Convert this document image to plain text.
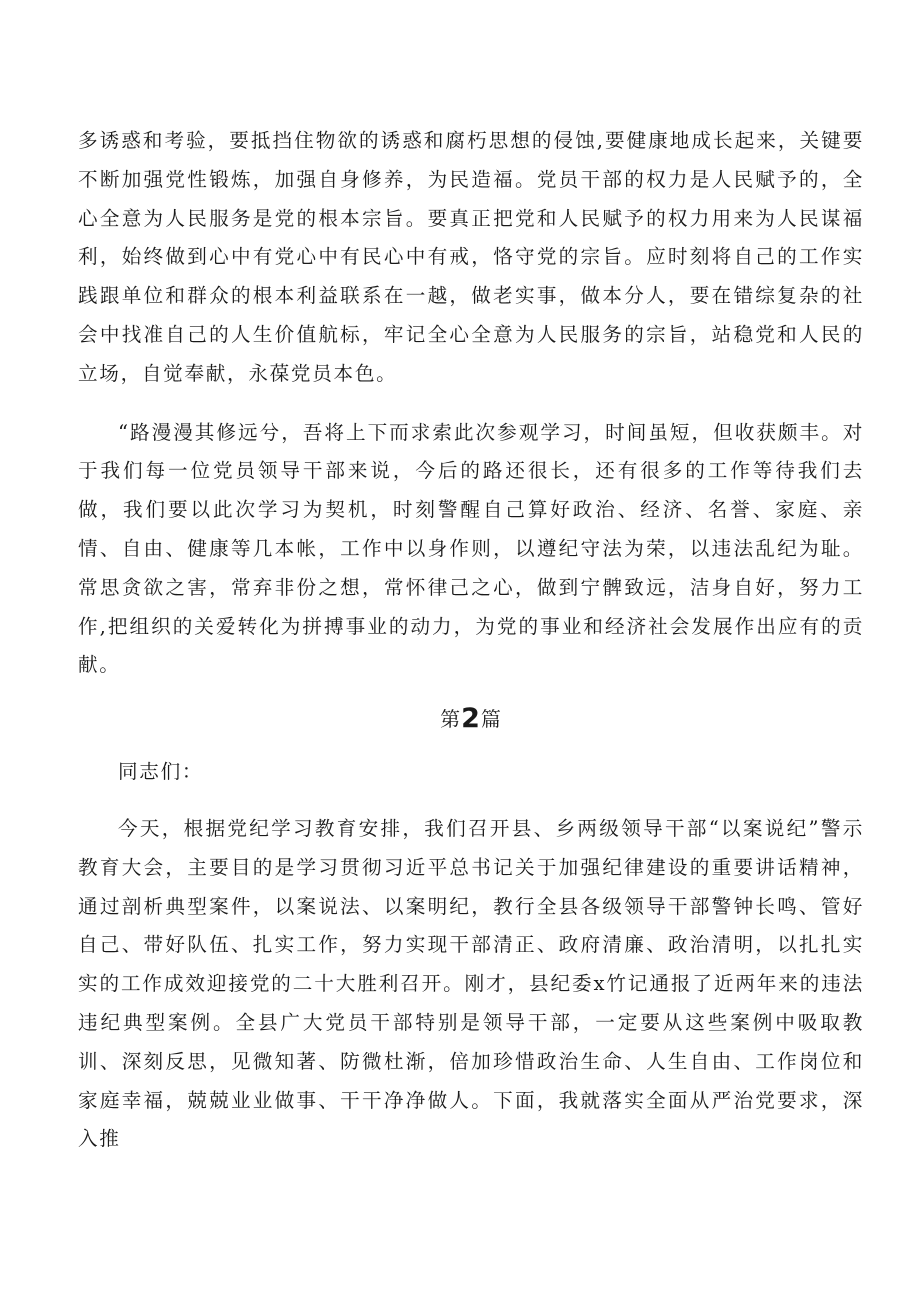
多诱惑和考验，要抵挡住物欲的诱惑和腐朽思想的侵蚀,要健康地成长起来，关键要不断加强党性锻炼，加强自身修养，为民造福。党员干部的权力是人民赋予的，全心全意为人民服务是党的根本宗旨。要真正把党和人民赋予的权力用来为人民谋福利，始终做到心中有党心中有民心中有戒，恪守党的宗旨。应时刻将自己的工作实践跟单位和群众的根本利益联系在一越，做老实事，做本分人，要在错综复杂的社会中找准自己的人生价值航标，牢记全心全意为人民服务的宗旨，站稳党和人民的立场，自觉奉献，永葆党员本色。

“路漫漫其修远兮，吾将上下而求索此次参观学习，时间虽短，但收获颇丰。对于我们每一位党员领导干部来说，今后的路还很长，还有很多的工作等待我们去做，我们要以此次学习为契机，时刻警醒自己算好政治、经济、名誉、家庭、亲情、自由、健康等几本帐，工作中以身作则，以遵纪守法为荣，以违法乱纪为耻。常思贪欲之害，常弃非份之想，常怀律己之心，做到宁髀致远，洁身自好，努力工作,把组织的关爱转化为拼搏事业的动力，为党的事业和经济社会发展作出应有的贡献。

第2篇

同志们：

今天，根据党纪学习教育安排，我们召开县、乡两级领导干部“以案说纪”警示教育大会，主要目的是学习贯彻习近平总书记关于加强纪律建设的重要讲话精神，通过剖析典型案件，以案说法、以案明纪，教行全县各级领导干部警钟长鸣、管好自己、带好队伍、扎实工作，努力实现干部清正、政府清廉、政治清明，以扎扎实实的工作成效迎接党的二十大胜利召开。刚才，县纪委x竹记通报了近两年来的违法违纪典型案例。全县广大党员干部特别是领导干部，一定要从这些案例中吸取教训、深刻反思，见微知著、防微杜渐，倍加珍惜政治生命、人生自由、工作岗位和家庭幸福，兢兢业业做事、干干净净做人。下面，我就落实全面从严治党要求，深入推
